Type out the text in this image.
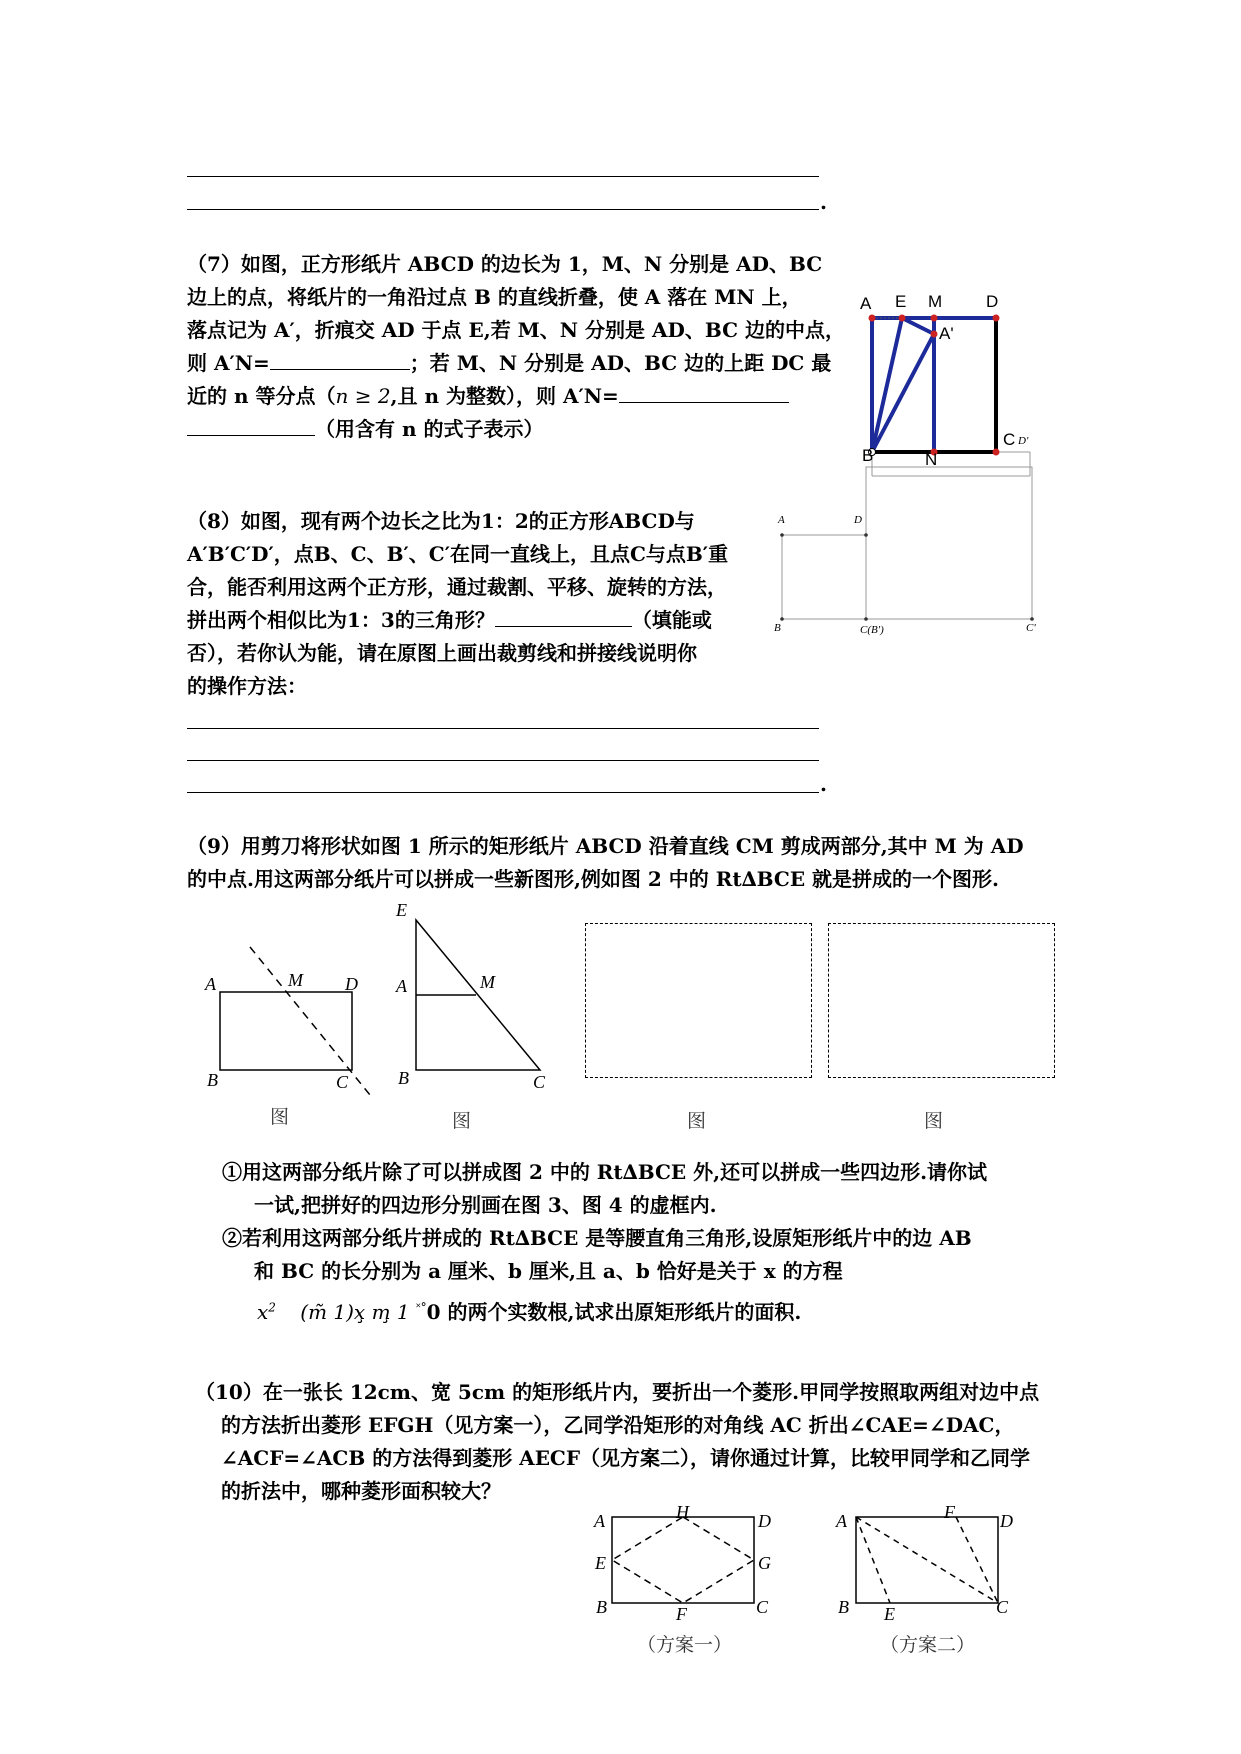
.
（7）如图，正方形纸片 ABCD 的边长为 1，M、N 分别是 AD、BC
边上的点，将纸片的一角沿过点 B 的直线折叠，使 A 落在 MN 上，
落点记为 A′，折痕交 AD 于点 E,若 M、N 分别是 AD、BC 边的中点，
则 A′N=	；若 M、N 分别是 AD、BC 边的上距 DC 最
近的 n 等分点（n ≥ 2,且 n 为整数），则 A′N=
（用含有 n 的式子表示）
A E M	D
A'
B	N
C D'
（8）如图，现有两个边长之比为1：2的正方形ABCD与
A′B′C′D′，点B、C、B′、C′在同一直线上，且点C与点B′重
合，能否利用这两个正方形，通过裁割、平移、旋转的方法，
拼出两个相似比为1：3的三角形？	（填能或
否），若你认为能，请在原图上画出裁剪线和拼接线说明你
的操作方法：
A	D
B	C(B')	C'
.
（9）用剪刀将形状如图 1 所示的矩形纸片 ABCD 沿着直线 CM 剪成两部分,其中 M 为 AD
的中点.用这两部分纸片可以拼成一些新图形,例如图 2 中的 Rt∆BCE 就是拼成的一个图形.
A	M D
B	C
E
A	M
B	C
图	图	图	图
①用这两部分纸片除了可以拼成图 2 中的 Rt∆BCE 外,还可以拼成一些四边形.请你试
一试,把拼好的四边形分别画在图 3、图 4 的虚框内.
②若利用这两部分纸片拼成的 Rt∆BCE 是等腰直角三角形,设原矩形纸片中的边 AB
和 BC 的长分别为 a 厘米、b 厘米,且 a、b 恰好是关于 x 的方程
$x^2$ (m̃ 1)x̧ m̧ 1 ˟°0 的两个实数根,试求出原矩形纸片的面积.
（10）在一张长 12cm、宽 5cm 的矩形纸片内，要折出一个菱形.甲同学按照取两组对边中点
的方法折出菱形 EFGH（见方案一），乙同学沿矩形的对角线 AC 折出∠CAE=∠DAC，
∠ACF=∠ACB 的方法得到菱形 AECF（见方案二），请你通过计算，比较甲同学和乙同学
的折法中，哪种菱形面积较大？
A	H	D
E	G
B	F	C
（方案一）
A	F	D
B E	C
（方案二）
